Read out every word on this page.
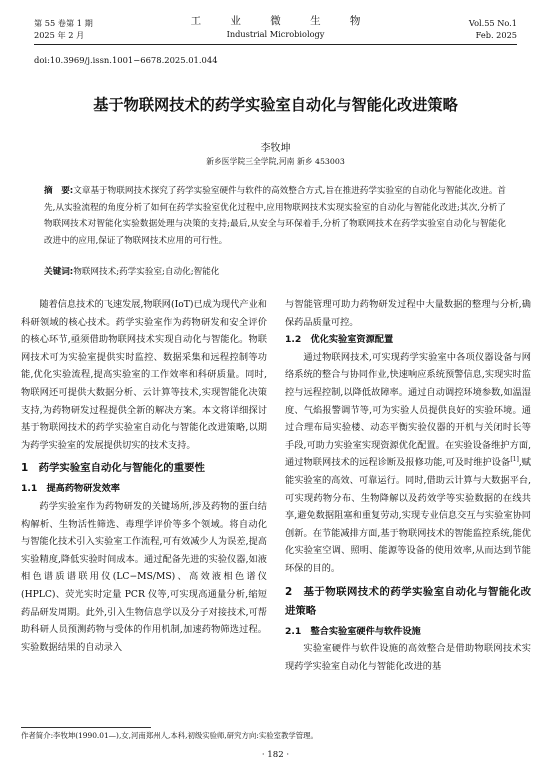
第 55 卷第 1 期
2025 年 2 月
工 业 微 生 物
Industrial Microbiology
Vol.55 No.1
Feb. 2025
doi:10.3969/j.issn.1001−6678.2025.01.044
基于物联网技术的药学实验室自动化与智能化改进策略
李牧坤
新乡医学院三全学院,河南 新乡 453003
摘　要:文章基于物联网技术探究了药学实验室硬件与软件的高效整合方式,旨在推进药学实验室的自动化与智能化改进。首先,从实验流程的角度分析了如何在药学实验室优化过程中,应用物联网技术实现实验室的自动化与智能化改进;其次,分析了物联网技术对智能化实验数据处理与决策的支持;最后,从安全与环保着手,分析了物联网技术在药学实验室自动化与智能化改进中的应用,保证了物联网技术应用的可行性。
关键词:物联网技术;药学实验室;自动化;智能化

随着信息技术的飞速发展,物联网(IoT)已成为现代产业和科研领域的核心技术。药学实验室作为药物研发和安全评价的核心环节,亟须借助物联网技术实现自动化与智能化。物联网技术可为实验室提供实时监控、数据采集和远程控制等功能,优化实验流程,提高实验室的工作效率和科研质量。同时,物联网还可提供大数据分析、云计算等技术,实现智能化决策支持,为药物研发过程提供全新的解决方案。本文将详细探讨基于物联网技术的药学实验室自动化与智能化改进策略,以期为药学实验室的发展提供切实的技术支持。

1　药学实验室自动化与智能化的重要性
1.1　提高药物研发效率

药学实验室作为药物研发的关键场所,涉及药物的蛋白结构解析、生物活性筛选、毒理学评价等多个领域。将自动化与智能化技术引入实验室工作流程,可有效减少人为误差,提高实验精度,降低实验时间成本。通过配备先进的实验仪器,如液相色谱质谱联用仪(LC−MS/MS)、高效液相色谱仪(HPLC)、荧光实时定量 PCR 仪等,可实现高通量分析,缩短药品研发周期。此外,引入生物信息学以及分子对接技术,可帮助科研人员预测药物与受体的作用机制,加速药物筛选过程。实验数据结果的自动录入

与智能管理可助力药物研发过程中大量数据的整理与分析,确保药品质量可控。

1.2　优化实验室资源配置

通过物联网技术,可实现药学实验室中各项仪器设备与网络系统的整合与协同作业,快速响应系统预警信息,实现实时监控与远程控制,以降低故障率。通过自动调控环境参数,如温湿度、气焰报警调节等,可为实验人员提供良好的实验环境。通过合理布局实验楼、动态平衡实验仪器的开机与关闭时长等手段,可助力实验室实现资源优化配置。在实验设备维护方面,通过物联网技术的远程诊断及报修功能,可及时维护设备[1],赋能实验室的高效、可靠运行。同时,借助云计算与大数据平台,可实现药物分布、生物降解以及药效学等实验数据的在线共享,避免数据阻塞和重复劳动,实现专业信息交互与实验室协同创新。在节能减排方面,基于物联网技术的智能监控系统,能优化实验室空调、照明、能源等设备的使用效率,从而达到节能环保的目的。

2　基于物联网技术的药学实验室自动化与智能化改进策略
2.1　整合实验室硬件与软件设施

实验室硬件与软件设施的高效整合是借助物联网技术实现药学实验室自动化与智能化改进的基

作者简介:李牧坤(1990.01—),女,河南郑州人,本科,初级实验师,研究方向:实验室教学管理。
· 182 ·
